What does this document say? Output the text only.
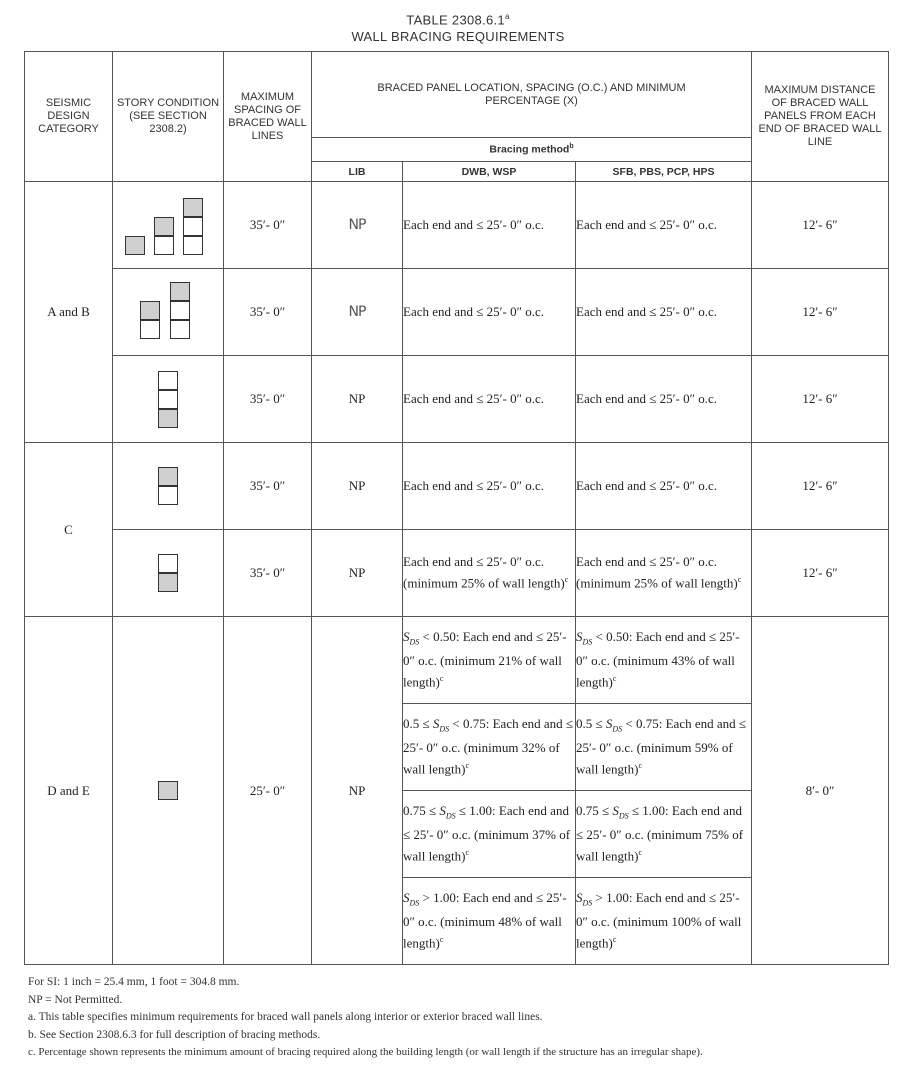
TABLE 2308.6.1$^a$
WALL BRACING REQUIREMENTS
SEISMIC DESIGN CATEGORY	STORY CONDITION (SEE SECTION 2308.2)	MAXIMUM SPACING OF BRACED WALL LINES	BRACED PANEL LOCATION, SPACING (O.C.) AND MINIMUM PERCENTAGE (X)			MAXIMUM DISTANCE OF BRACED WALL PANELS FROM EACH END OF BRACED WALL LINE
			Bracing method$^b$
			LIB	DWB, WSP	SFB, PBS, PCP, HPS	
A and B		35′- 0″	NP	Each end and ≤ 25′- 0″ o.c.	Each end and ≤ 25′- 0″ o.c.	12′- 6″

		35′- 0″	NP	Each end and ≤ 25′- 0″ o.c.	Each end and ≤ 25′- 0″ o.c.	12′- 6″

		35′- 0″	NP	Each end and ≤ 25′- 0″ o.c.	Each end and ≤ 25′- 0″ o.c.	12′- 6″
C		35′- 0″	NP	Each end and ≤ 25′- 0″ o.c.	Each end and ≤ 25′- 0″ o.c.	12′- 6″

		35′- 0″	NP	Each end and ≤ 25′- 0″ o.c. (minimum 25% of wall length)$^c$	Each end and ≤ 25′- 0″ o.c. (minimum 25% of wall length)$^c$	12′- 6″
D and E		25′- 0″	NP	$S_{DS} < 0.50$: Each end and ≤ 25′- 0″ o.c. (minimum 21% of wall length)$^c$	$S_{DS} < 0.50$: Each end and ≤ 25′- 0″ o.c. (minimum 43% of wall length)$^c$	8′- 0″
				$0.5 \le S_{DS} < 0.75$: Each end and ≤ 25′- 0″ o.c. (minimum 32% of wall length)$^c$	$0.5 \le S_{DS} < 0.75$: Each end and ≤ 25′- 0″ o.c. (minimum 59% of wall length)$^c$
				$0.75 \le S_{DS} \le 1.00$: Each end and ≤ 25′- 0″ o.c. (minimum 37% of wall length)$^c$	$0.75 \le S_{DS} \le 1.00$: Each end and ≤ 25′- 0″ o.c. (minimum 75% of wall length)$^c$
				$S_{DS} > 1.00$: Each end and ≤ 25′- 0″ o.c. (minimum 48% of wall length)$^c$	$S_{DS} > 1.00$: Each end and ≤ 25′- 0″ o.c. (minimum 100% of wall length)$^c$
For SI: 1 inch = 25.4 mm, 1 foot = 304.8 mm.
NP = Not Permitted.
a. This table specifies minimum requirements for braced wall panels along interior or exterior braced wall lines.
b. See Section 2308.6.3 for full description of bracing methods.
c. Percentage shown represents the minimum amount of bracing required along the building length (or wall length if the structure has an irregular shape).
